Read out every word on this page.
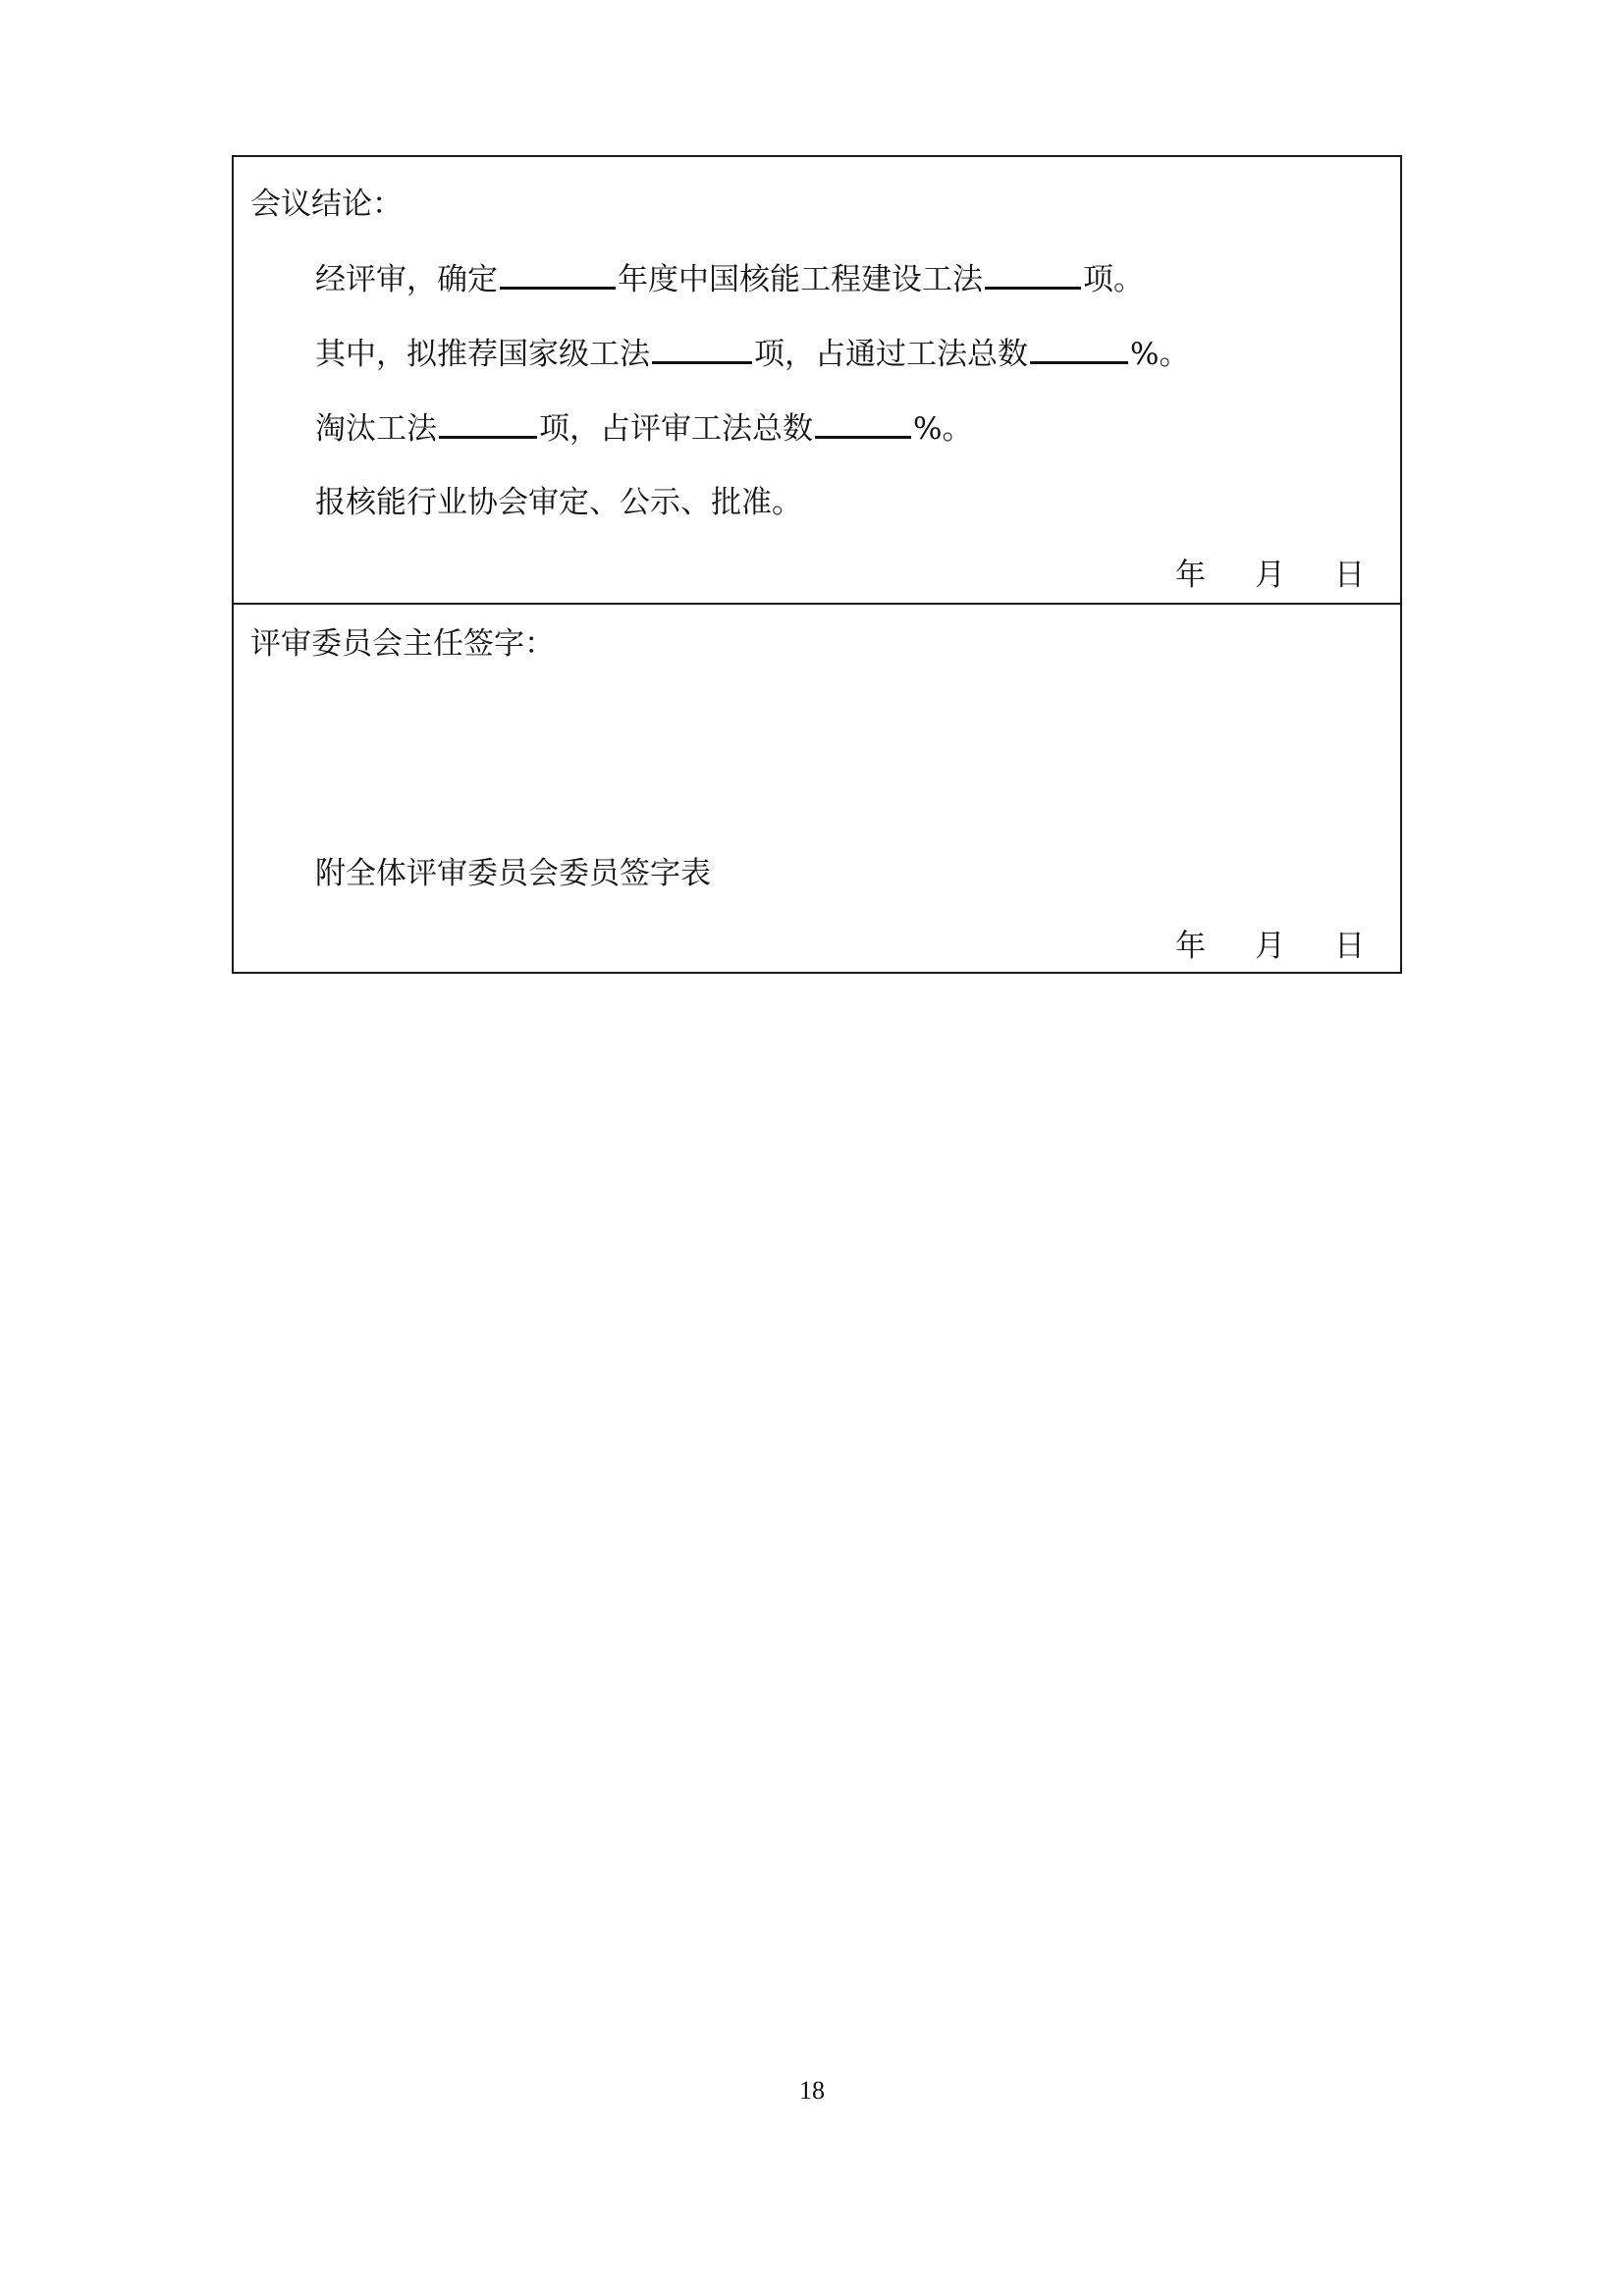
会议结论：
经评审，确定	年度中国核能工程建设工法	项。
其中，拟推荐国家级工法	项，占通过工法总数	%。
淘汰工法	项，占评审工法总数	%。
报核能行业协会审定、公示、批准。
年 月 日
评审委员会主任签字：
附全体评审委员会委员签字表
年 月 日
18
